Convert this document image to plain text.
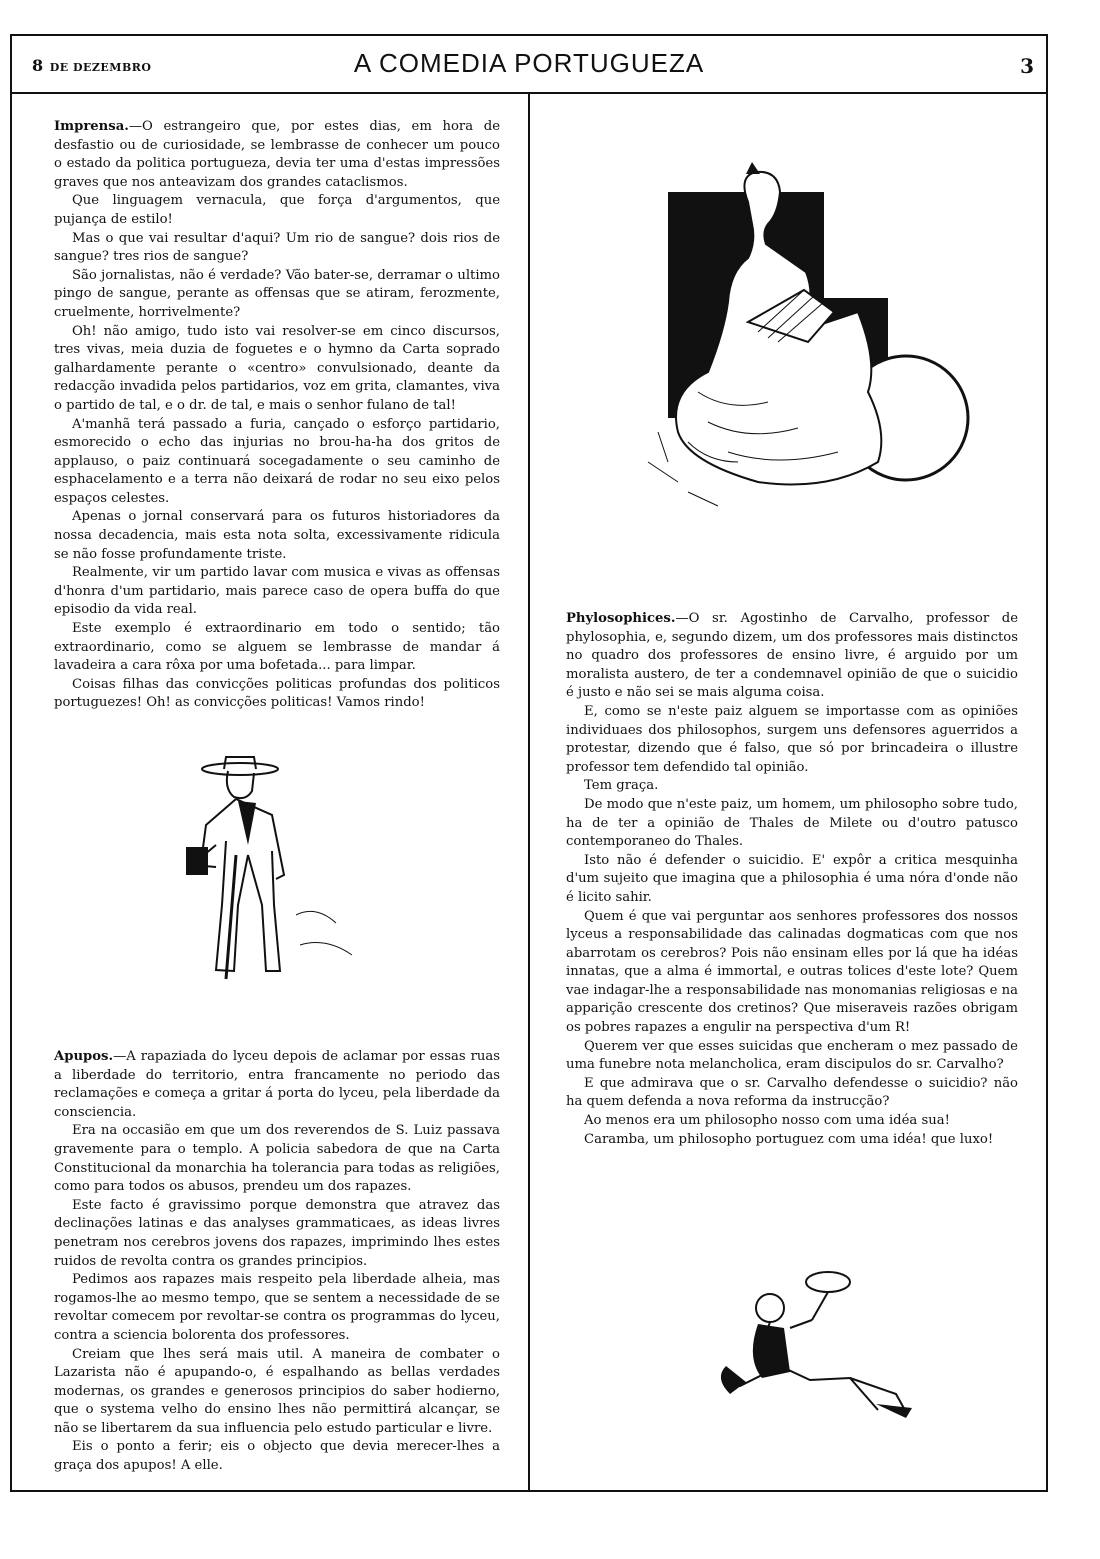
8 DE DEZEMBRO	A COMEDIA PORTUGUEZA	3

Imprensa.—O estrangeiro que, por estes dias, em hora de desfastio ou de curiosidade, se lembrasse de conhecer um pouco o estado da politica portugueza, devia ter uma d'estas impressões graves que nos anteavizam dos grandes cataclismos.

Que linguagem vernacula, que força d'argumentos, que pujança de estilo!

Mas o que vai resultar d'aqui? Um rio de sangue? dois rios de sangue? tres rios de sangue?

São jornalistas, não é verdade? Vão bater-se, derramar o ultimo pingo de sangue, perante as offensas que se atiram, ferozmente, cruelmente, horrivelmente?

Oh! não amigo, tudo isto vai resolver-se em cinco discursos, tres vivas, meia duzia de foguetes e o hymno da Carta soprado galhardamente perante o «centro» convulsionado, deante da redacção invadida pelos partidarios, voz em grita, clamantes, viva o partido de tal, e o dr. de tal, e mais o senhor fulano de tal!

A'manhã terá passado a furia, cançado o esforço partidario, esmorecido o echo das injurias no brou-ha-ha dos gritos de applauso, o paiz continuará socegadamente o seu caminho de esphacelamento e a terra não deixará de rodar no seu eixo pelos espaços celestes.

Apenas o jornal conservará para os futuros historiadores da nossa decadencia, mais esta nota solta, excessivamente ridicula se não fosse profundamente triste.

Realmente, vir um partido lavar com musica e vivas as offensas d'honra d'um partidario, mais parece caso de opera buffa do que episodio da vida real.

Este exemplo é extraordinario em todo o sentido; tão extraordinario, como se alguem se lembrasse de mandar á lavadeira a cara rôxa por uma bofetada... para limpar.

Coisas filhas das convicções politicas profundas dos politicos portuguezes! Oh! as convicções politicas! Vamos rindo!

Apupos.—A rapaziada do lyceu depois de aclamar por essas ruas a liberdade do territorio, entra francamente no periodo das reclamações e começa a gritar á porta do lyceu, pela liberdade da consciencia.

Era na occasião em que um dos reverendos de S. Luiz passava gravemente para o templo. A policia sabedora de que na Carta Constitucional da monarchia ha tolerancia para todas as religiões, como para todos os abusos, prendeu um dos rapazes.

Este facto é gravissimo porque demonstra que atravez das declinações latinas e das analyses grammaticaes, as ideas livres penetram nos cerebros jovens dos rapazes, imprimindo lhes estes ruidos de revolta contra os grandes principios.

Pedimos aos rapazes mais respeito pela liberdade alheia, mas rogamos-lhe ao mesmo tempo, que se sentem a necessidade de se revoltar comecem por revoltar-se contra os programmas do lyceu, contra a sciencia bolorenta dos professores.

Creiam que lhes será mais util. A maneira de combater o Lazarista não é apupando-o, é espalhando as bellas verdades modernas, os grandes e generosos principios do saber hodierno, que o systema velho do ensino lhes não permittirá alcançar, se não se libertarem da sua influencia pelo estudo particular e livre.

Eis o ponto a ferir; eis o objecto que devia merecer-lhes a graça dos apupos! A elle.

Phylosophices.—O sr. Agostinho de Carvalho, professor de phylosophia, e, segundo dizem, um dos professores mais distinctos no quadro dos professores de ensino livre, é arguido por um moralista austero, de ter a condemnavel opinião de que o suicidio é justo e não sei se mais alguma coisa.

E, como se n'este paiz alguem se importasse com as opiniões individuaes dos philosophos, surgem uns defensores aguerridos a protestar, dizendo que é falso, que só por brincadeira o illustre professor tem defendido tal opinião.

Tem graça.

De modo que n'este paiz, um homem, um philosopho sobre tudo, ha de ter a opinião de Thales de Milete ou d'outro patusco contemporaneo do Thales.

Isto não é defender o suicidio. E' expôr a critica mesquinha d'um sujeito que imagina que a philosophia é uma nóra d'onde não é licito sahir.

Quem é que vai perguntar aos senhores professores dos nossos lyceus a responsabilidade das calinadas dogmaticas com que nos abarrotam os cerebros? Pois não ensinam elles por lá que ha idéas innatas, que a alma é immortal, e outras tolices d'este lote? Quem vae indagar-lhe a responsabilidade nas monomanias religiosas e na apparição crescente dos cretinos? Que miseraveis razões obrigam os pobres rapazes a engulir na perspectiva d'um R!

Querem ver que esses suicidas que encheram o mez passado de uma funebre nota melancholica, eram discipulos do sr. Carvalho?

E que admirava que o sr. Carvalho defendesse o suicidio? não ha quem defenda a nova reforma da instrucção?

Ao menos era um philosopho nosso com uma idéa sua!

Caramba, um philosopho portuguez com uma idéa! que luxo!
